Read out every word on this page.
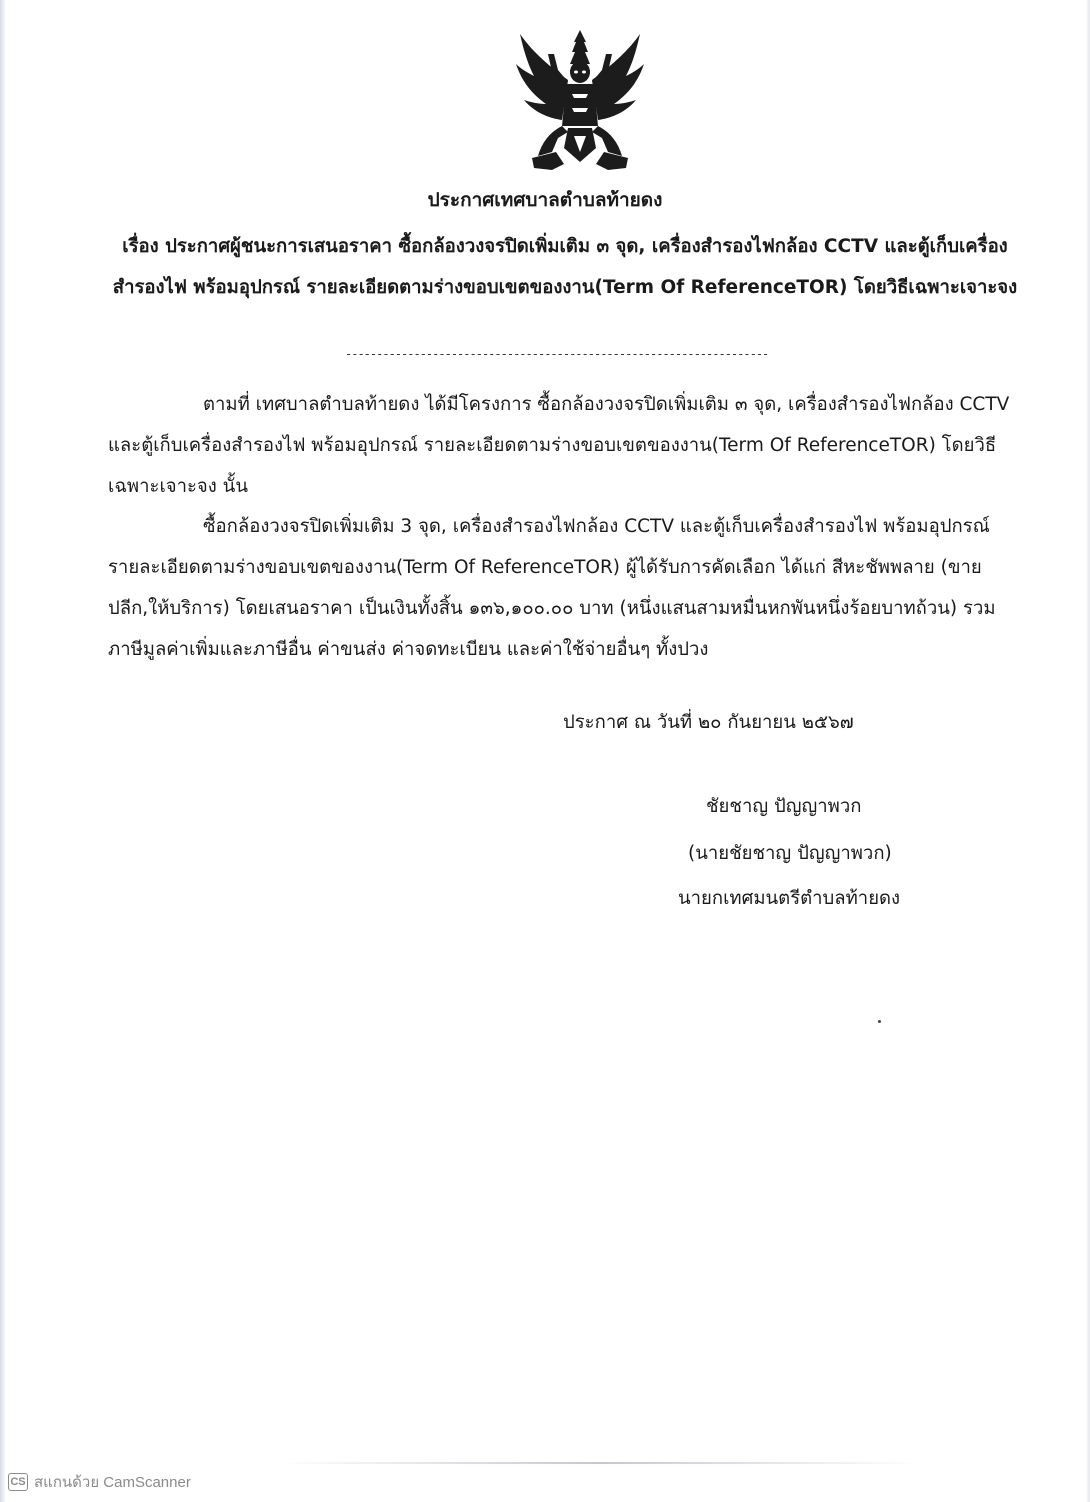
ประกาศเทศบาลตำบลท้ายดง
เรื่อง ประกาศผู้ชนะการเสนอราคา ซื้อกล้องวงจรปิดเพิ่มเติม ๓ จุด, เครื่องสำรองไฟกล้อง CCTV และตู้เก็บเครื่องสำรองไฟ พร้อมอุปกรณ์ รายละเอียดตามร่างขอบเขตของงาน(Term Of ReferenceTOR) โดยวิธีเฉพาะเจาะจง
--------------------------------------------------------------------

ตามที่ เทศบาลตำบลท้ายดง ได้มีโครงการ ซื้อกล้องวงจรปิดเพิ่มเติม ๓ จุด, เครื่องสำรองไฟกล้อง CCTV และตู้เก็บเครื่องสำรองไฟ พร้อมอุปกรณ์ รายละเอียดตามร่างขอบเขตของงาน(Term Of ReferenceTOR) โดยวิธีเฉพาะเจาะจง นั้น

ซื้อกล้องวงจรปิดเพิ่มเติม 3 จุด, เครื่องสำรองไฟกล้อง CCTV และตู้เก็บเครื่องสำรองไฟ พร้อมอุปกรณ์ รายละเอียดตามร่างขอบเขตของงาน(Term Of ReferenceTOR) ผู้ได้รับการคัดเลือก ได้แก่ สีหะชัพพลาย (ขายปลีก,ให้บริการ) โดยเสนอราคา เป็นเงินทั้งสิ้น ๑๓๖,๑๐๐.๐๐ บาท (หนึ่งแสนสามหมื่นหกพันหนึ่งร้อยบาทถ้วน) รวมภาษีมูลค่าเพิ่มและภาษีอื่น ค่าขนส่ง ค่าจดทะเบียน และค่าใช้จ่ายอื่นๆ ทั้งปวง

ประกาศ ณ วันที่ ๒๐ กันยายน ๒๕๖๗
ชัยชาญ ปัญญาพวก
(นายชัยชาญ ปัญญาพวก)
นายกเทศมนตรีตำบลท้ายดง
CS สแกนด้วย CamScanner
